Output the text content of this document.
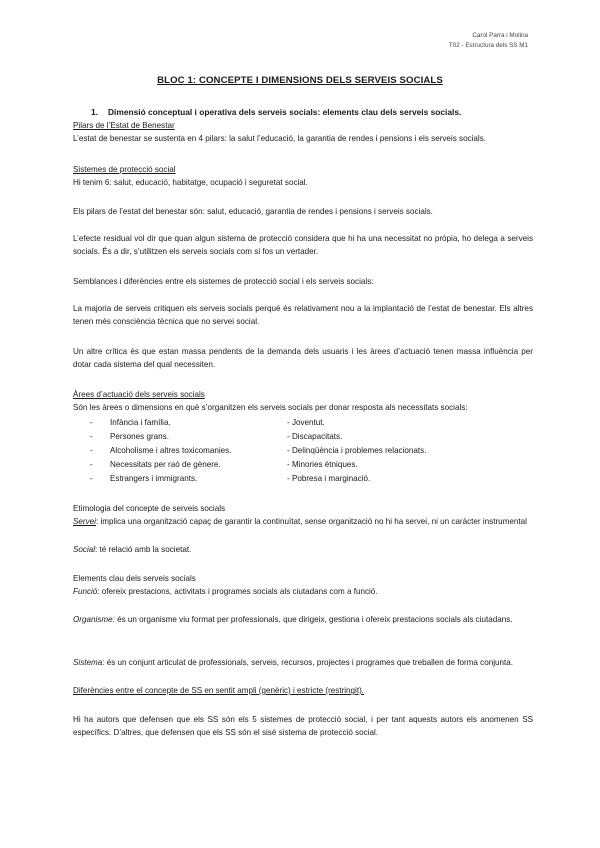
Carol Parra i Molina
T02 - Estructura dels SS M1
BLOC 1: CONCEPTE I DIMENSIONS DELS SERVEIS SOCIALS
1. Dimensió conceptual i operativa dels serveis socials: elements clau dels serveis socials.
Pilars de l’Estat de Benestar
L’estat de benestar se sustenta en 4 pilars: la salut l’educació, la garantia de rendes i pensions i els serveis socials.
Sistemes de protecció social
Hi tenim 6: salut, educació, habitatge, ocupació i seguretat social.
Els pilars de l’estat del benestar són: salut, educació, garantia de rendes i pensions i serveis socials.
L’efecte residual vol dir que quan algun sistema de protecció considera que hi ha una necessitat no pròpia, ho delega a serveis socials. És a dir, s’utilitzen els serveis socials com si fos un vertader.
Semblances i diferències entre els sistemes de protecció social i els serveis socials:
La majoria de serveis critiquen els serveis socials perquè és relativament nou a la implantació de l’estat de benestar. Els altres tenen més consciència tècnica que no servei social.
Un altre crítica és que estan massa pendents de la demanda dels usuaris i les àrees d’actuació tenen massa influència per dotar cada sistema del qual necessiten.
Àrees d’actuació dels serveis socials
Són les àrees o dimensions en què s’organitzen els serveis socials per donar resposta als necessitats socials:
- Infància i família.	- Joventut.
- Persones grans.	- Discapacitats.
- Alcoholisme i altres toxicomanies.	- Delinqüència i problemes relacionats.
- Necessitats per raó de gènere.	- Minories ètniques.
- Estrangers i immigrants.	- Pobresa i marginació.
Etimologia del concepte de serveis socials
Servei: implica una organització capaç de garantir la continuïtat, sense organització no hi ha servei, ni un caràcter instrumental
Social: té relació amb la societat.
Elements clau dels serveis socials
Funció: ofereix prestacions, activitats i programes socials als ciutadans com a funció.
Organisme: és un organisme viu format per professionals, que dirigeix, gestiona i ofereix prestacions socials als ciutadans.
Sistema: és un conjunt articulat de professionals, serveis, recursos, projectes i programes que treballen de forma conjunta.
Diferències entre el concepte de SS en sentit ampli (genèric) i estricte (restringit).
Hi ha autors que defensen que els SS són els 5 sistemes de protecció social, i per tant aquests autors els anomenen SS específics. D’altres, que defensen que els SS són el sisè sistema de protecció social.
